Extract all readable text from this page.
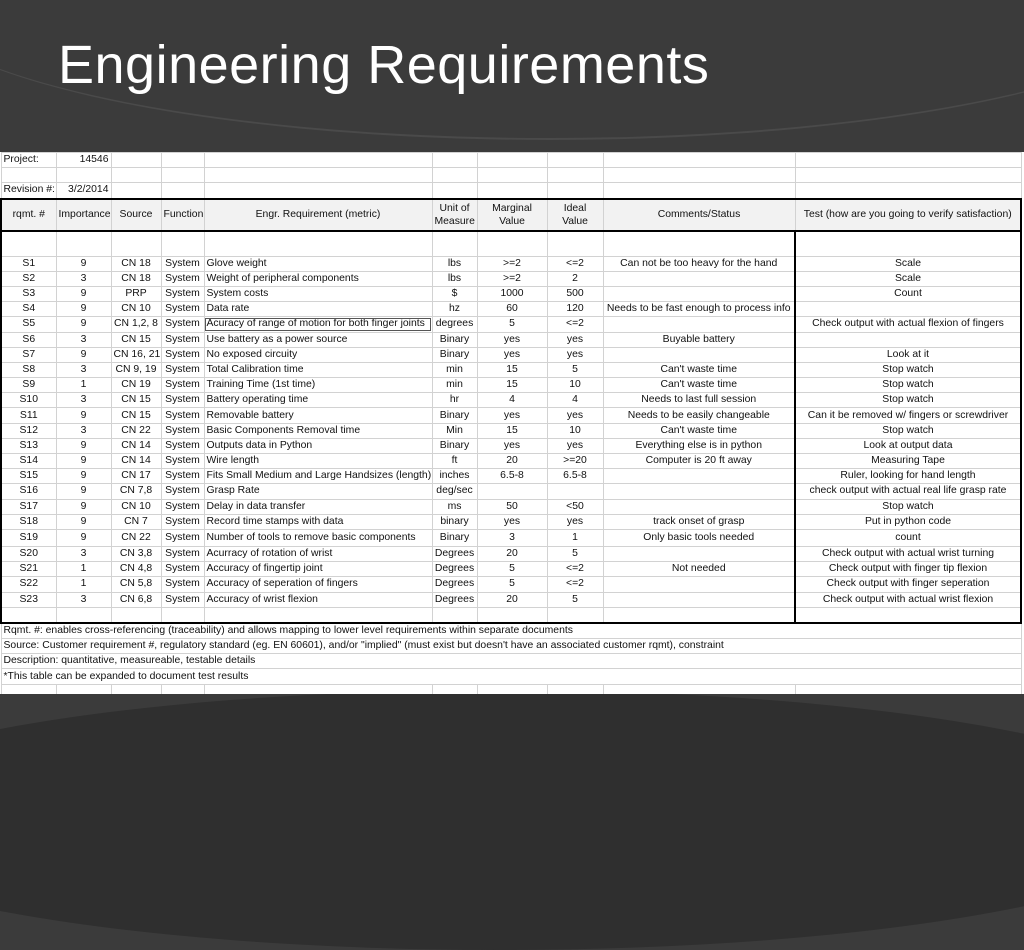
Engineering Requirements
Project:	14546								

Revision #:	3/2/2014								
rqmt. #	Importance	Source	Function	Engr. Requirement (metric)	Unit of Measure	Marginal Value	Ideal Value	Comments/Status	Test (how are you going to verify satisfaction)

S1	9	CN 18	System	Glove weight	lbs	>=2	<=2	Can not be too heavy for the hand	Scale
S2	3	CN 18	System	Weight of peripheral components	lbs	>=2	2		Scale
S3	9	PRP	System	System costs	$	1000	500		Count
S4	9	CN 10	System	Data rate	hz	60	120	Needs to be fast enough to process info	
S5	9	CN 1,2, 8	System	Acuracy of range of motion for both finger joints	degrees	5	<=2		Check output with actual flexion of fingers
S6	3	CN 15	System	Use battery as a power source	Binary	yes	yes	Buyable battery	
S7	9	CN 16, 21	System	No exposed circuity	Binary	yes	yes		Look at it
S8	3	CN 9, 19	System	Total Calibration time	min	15	5	Can't waste time	Stop watch
S9	1	CN 19	System	Training Time (1st time)	min	15	10	Can't waste time	Stop watch
S10	3	CN 15	System	Battery operating time	hr	4	4	Needs to last full session	Stop watch
S11	9	CN 15	System	Removable battery	Binary	yes	yes	Needs to be easily changeable	Can it be removed w/ fingers or screwdriver
S12	3	CN 22	System	Basic Components Removal time	Min	15	10	Can't waste time	Stop watch
S13	9	CN 14	System	Outputs data in Python	Binary	yes	yes	Everything else is in python	Look at output data
S14	9	CN 14	System	Wire length	ft	20	>=20	Computer is 20 ft away	Measuring Tape
S15	9	CN 17	System	Fits Small Medium and Large Handsizes (length)	inches	6.5-8	6.5-8		Ruler, looking for hand length
S16	9	CN 7,8	System	Grasp Rate	deg/sec				check output with actual real life grasp rate
S17	9	CN 10	System	Delay in data transfer	ms	50	<50		Stop watch
S18	9	CN 7	System	Record time stamps with data	binary	yes	yes	track onset of grasp	Put in python code
S19	9	CN 22	System	Number of tools to remove basic components	Binary	3	1	Only basic tools needed	count
S20	3	CN 3,8	System	Acurracy of rotation of wrist	Degrees	20	5		Check output with actual wrist turning
S21	1	CN 4,8	System	Accuracy of fingertip joint	Degrees	5	<=2	Not needed	Check output with finger tip flexion
S22	1	CN 5,8	System	Accuracy of seperation of fingers	Degrees	5	<=2		Check output with finger seperation
S23	3	CN 6,8	System	Accuracy of wrist flexion	Degrees	20	5		Check output with actual wrist flexion

Rqmt. #: enables cross-referencing (traceability) and allows mapping to lower level requirements within separate documents									
Source: Customer requirement #, regulatory standard (eg. EN 60601), and/or "implied" (must exist but doesn't have an associated customer rqmt), constraint									
Description: quantitative, measureable, testable details									
*This table can be expanded to document test results									
